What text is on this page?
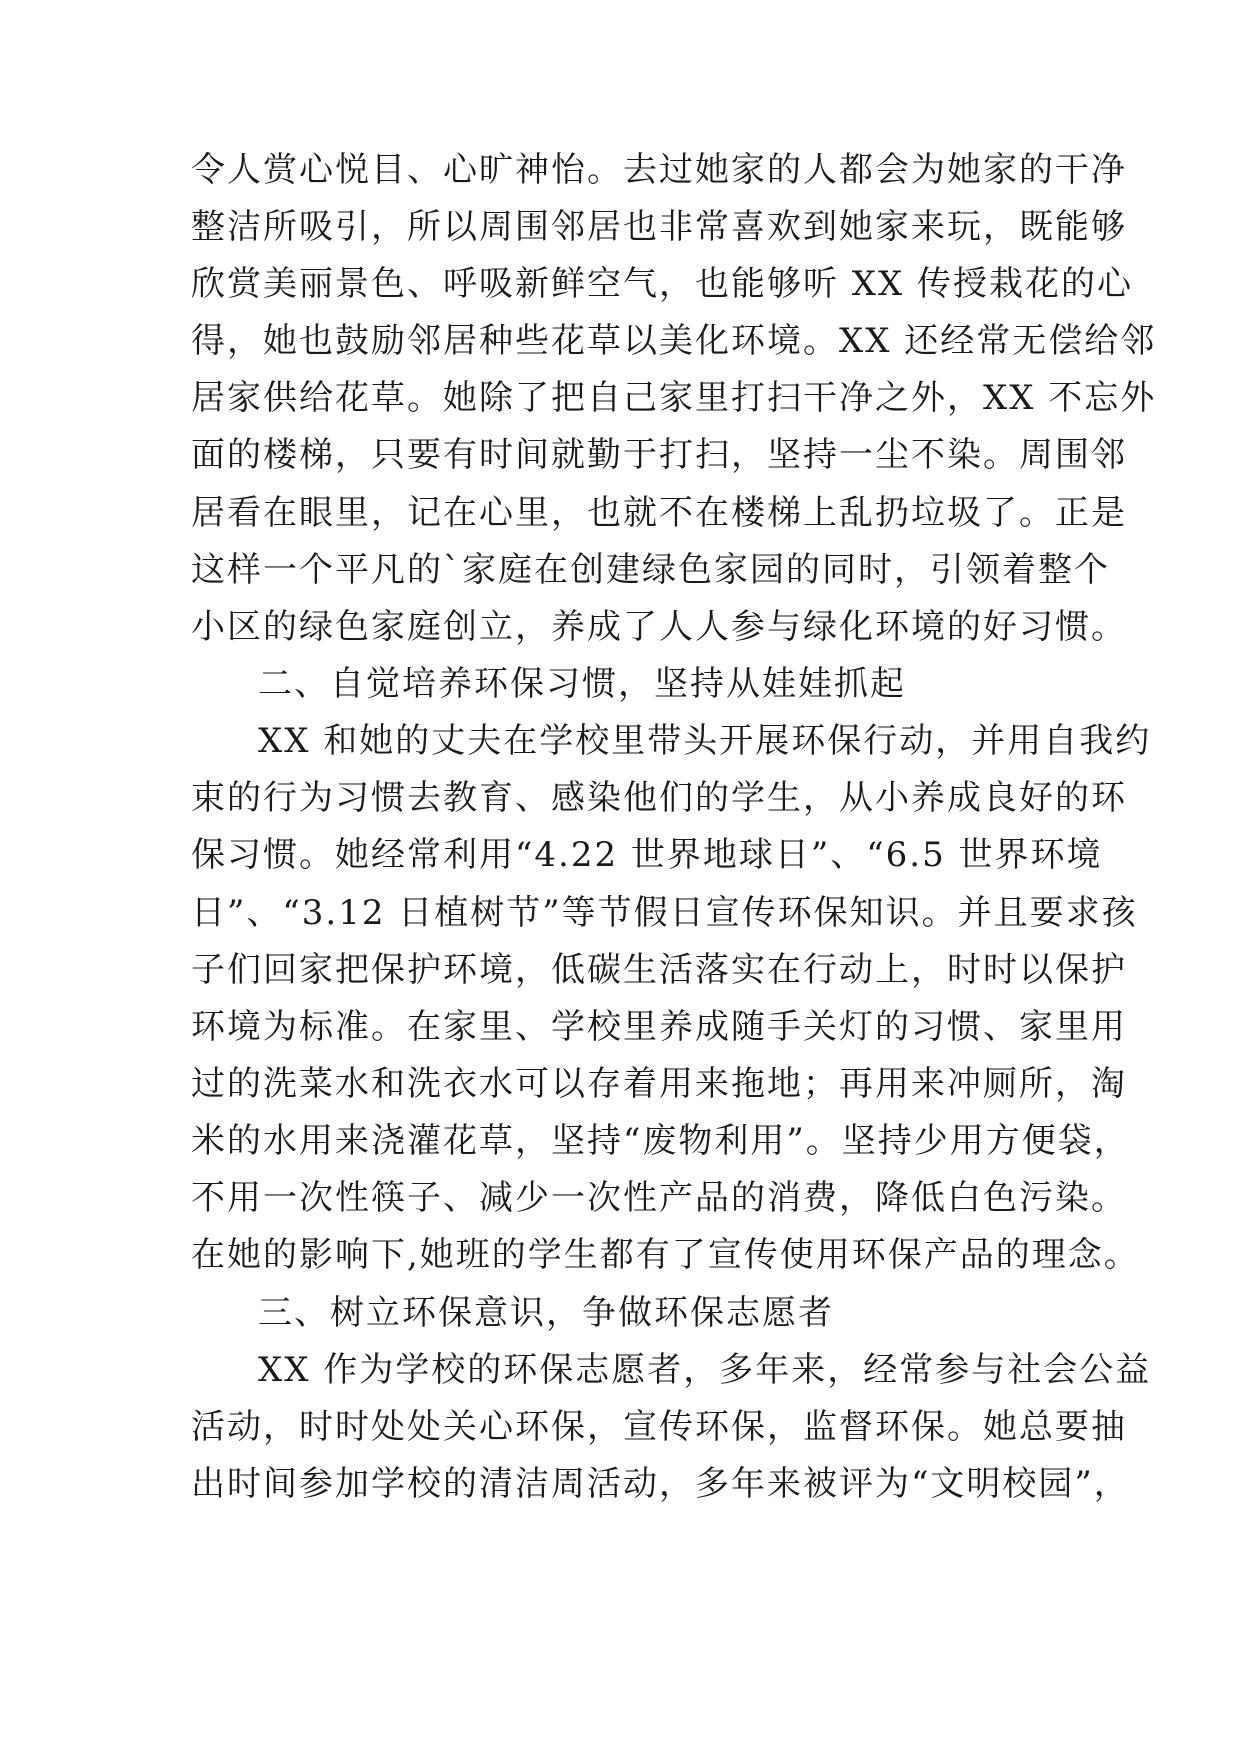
令人赏心悦目、心旷神怡。去过她家的人都会为她家的干净
整洁所吸引，所以周围邻居也非常喜欢到她家来玩，既能够
欣赏美丽景色、呼吸新鲜空气，也能够听 XX 传授栽花的心
得，她也鼓励邻居种些花草以美化环境。XX 还经常无偿给邻
居家供给花草。她除了把自己家里打扫干净之外，XX 不忘外
面的楼梯，只要有时间就勤于打扫，坚持一尘不染。周围邻
居看在眼里，记在心里，也就不在楼梯上乱扔垃圾了。正是
这样一个平凡的`家庭在创建绿色家园的同时，引领着整个
小区的绿色家庭创立，养成了人人参与绿化环境的好习惯。
二、自觉培养环保习惯，坚持从娃娃抓起
XX 和她的丈夫在学校里带头开展环保行动，并用自我约
束的行为习惯去教育、感染他们的学生，从小养成良好的环
保习惯。她经常利用“4.22 世界地球日”、“6.5 世界环境
日”、“3.12 日植树节”等节假日宣传环保知识。并且要求孩
子们回家把保护环境，低碳生活落实在行动上，时时以保护
环境为标准。在家里、学校里养成随手关灯的习惯、家里用
过的洗菜水和洗衣水可以存着用来拖地；再用来冲厕所，淘
米的水用来浇灌花草，坚持“废物利用”。坚持少用方便袋，
不用一次性筷子、减少一次性产品的消费，降低白色污染。
在她的影响下,她班的学生都有了宣传使用环保产品的理念。
三、树立环保意识，争做环保志愿者
XX 作为学校的环保志愿者，多年来，经常参与社会公益
活动，时时处处关心环保，宣传环保，监督环保。她总要抽
出时间参加学校的清洁周活动，多年来被评为“文明校园”，
